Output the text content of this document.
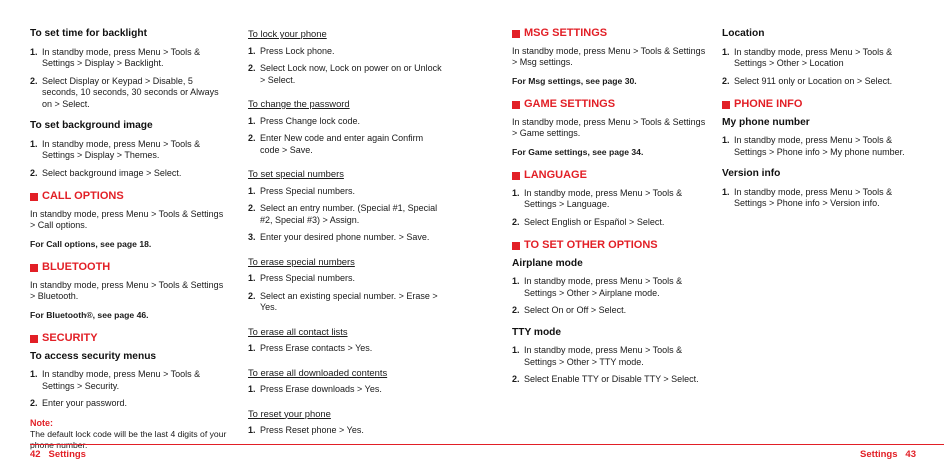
To set time for backlight
1. In standby mode, press Menu > Tools & Settings > Display > Backlight.
2. Select Display or Keypad > Disable, 5 seconds, 10 seconds, 30 seconds or Always on > Select.
To set background image
1. In standby mode, press Menu > Tools & Settings > Display > Themes.
2. Select background image > Select.
CALL OPTIONS
In standby mode, press Menu > Tools & Settings > Call options.
For Call options, see page 18.
BLUETOOTH
In standby mode, press Menu > Tools & Settings > Bluetooth.
For Bluetooth®, see page 46.
SECURITY
To access security menus
1. In standby mode, press Menu > Tools & Settings > Security.
2. Enter your password.
Note:
The default lock code will be the last 4 digits of your
To lock your phone
1. Press Lock phone.
2. Select Lock now, Lock on power on or Unlock > Select.
To change the password
1. Press Change lock code.
2. Enter New code and enter again Confirm code > Save.
To set special numbers
1. Press Special numbers.
2. Select an entry number. (Special #1, Special #2, Special #3) > Assign.
3. Enter your desired phone number. > Save.
To erase special numbers
1. Press Special numbers.
2. Select an existing special number. > Erase > Yes.
To erase all contact lists
1. Press Erase contacts > Yes.
To erase all downloaded contents
1. Press Erase downloads > Yes.
To reset your phone
1. Press Reset phone > Yes.
MSG SETTINGS
In standby mode, press Menu > Tools & Settings > Msg settings.
For Msg settings, see page 30.
GAME SETTINGS
In standby mode, press Menu > Tools & Settings > Game settings.
For Game settings, see page 34.
LANGUAGE
1. In standby mode, press Menu > Tools & Settings > Language.
2. Select English or Español > Select.
TO SET OTHER OPTIONS
Airplane mode
1. In standby mode, press Menu > Tools & Settings > Other > Airplane mode.
2. Select On or Off > Select.
TTY mode
1. In standby mode, press Menu > Tools & Settings > Other > TTY mode.
2. Select Enable TTY or Disable TTY > Select.
Location
1. In standby mode, press Menu > Tools & Settings > Other > Location
2. Select 911 only or Location on > Select.
PHONE INFO
My phone number
1. In standby mode, press Menu > Tools & Settings > Phone info > My phone number.
Version info
1. In standby mode, press Menu > Tools & Settings > Phone info > Version info.
42   Settings	Settings   43
